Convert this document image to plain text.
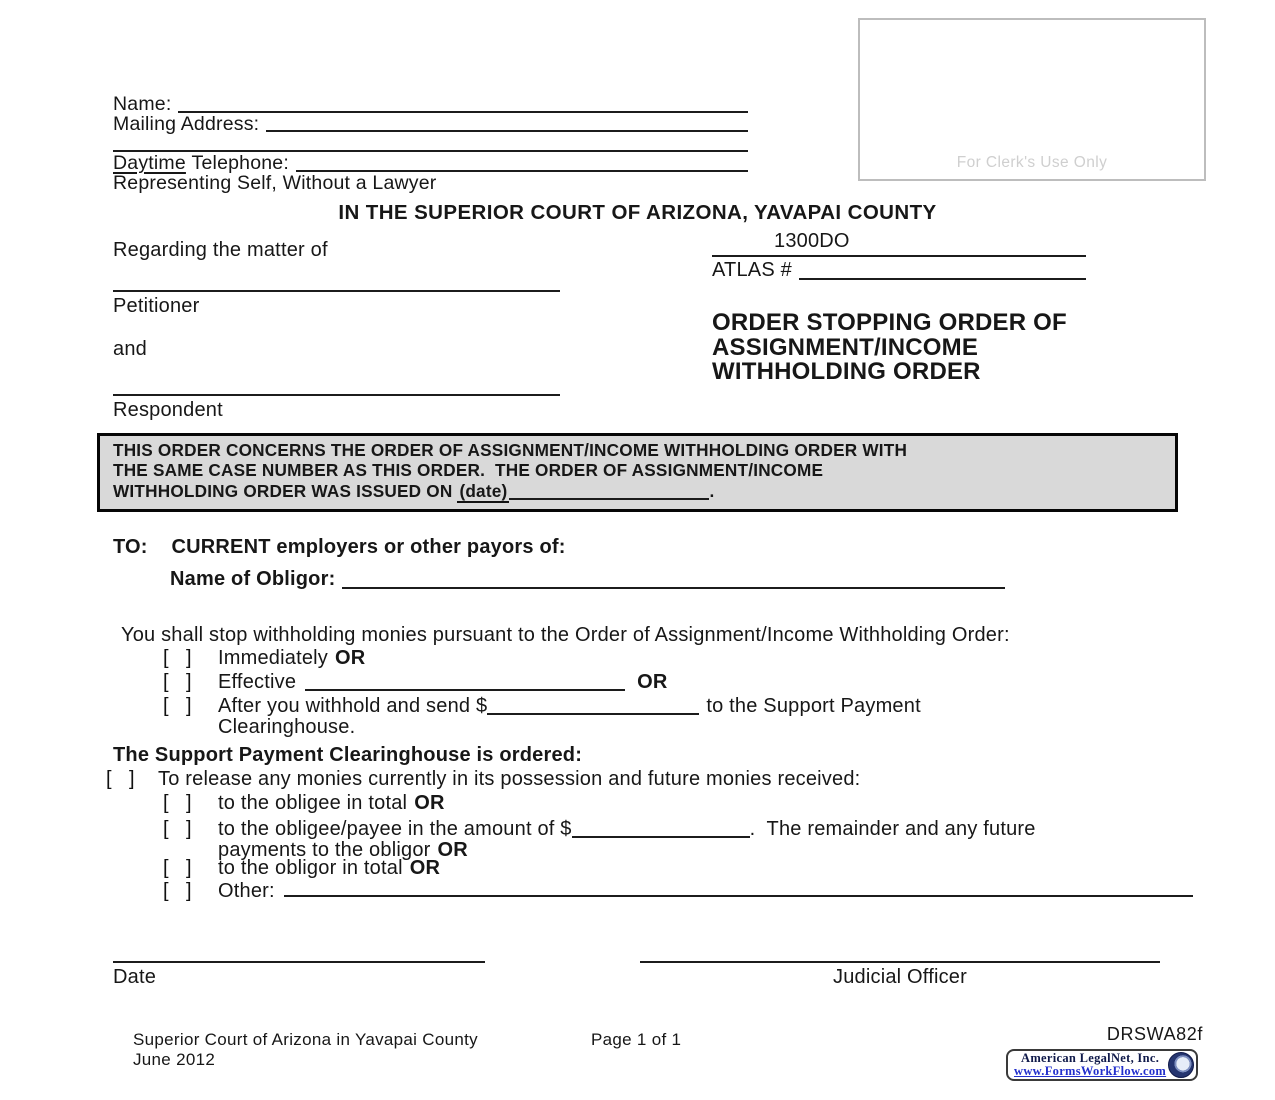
Name:
Mailing Address:
Daytime
Telephone:
Representing Self, Without a Lawyer
For Clerk's Use Only
IN THE SUPERIOR COURT OF ARIZONA, YAVAPAI COUNTY
Regarding the matter of	1300DO
ATLAS #
Petitioner
and
ORDER STOPPING ORDER OF
ASSIGNMENT/INCOME
WITHHOLDING ORDER
Respondent
THIS ORDER CONCERNS THE ORDER OF ASSIGNMENT/INCOME WITHHOLDING ORDER WITH
THE SAME CASE NUMBER AS THIS ORDER.  THE ORDER OF ASSIGNMENT/INCOME
WITHHOLDING ORDER WAS ISSUED ON (date)	.
TO: CURRENT employers or other payors of:
Name of Obligor:
You shall stop withholding monies pursuant to the Order of Assignment/Income Withholding Order:
[   ]	Immediately OR
[   ]	Effective	OR
[   ]	After you withhold and send $	to the Support Payment
Clearinghouse.
The Support Payment Clearinghouse is ordered:
[   ]	To release any monies currently in its possession and future monies received:
[   ]	to the obligee in total OR
[   ]	to the obligee/payee in the amount of $	.  The remainder and any future
payments to the obligor OR
[   ]	to the obligor in total OR
[   ]	Other:
Date	Judicial Officer
Superior Court of Arizona in Yavapai County
June 2012
Page 1 of 1	DRSWA82f
American LegalNet, Inc.
www.FormsWorkFlow.com
